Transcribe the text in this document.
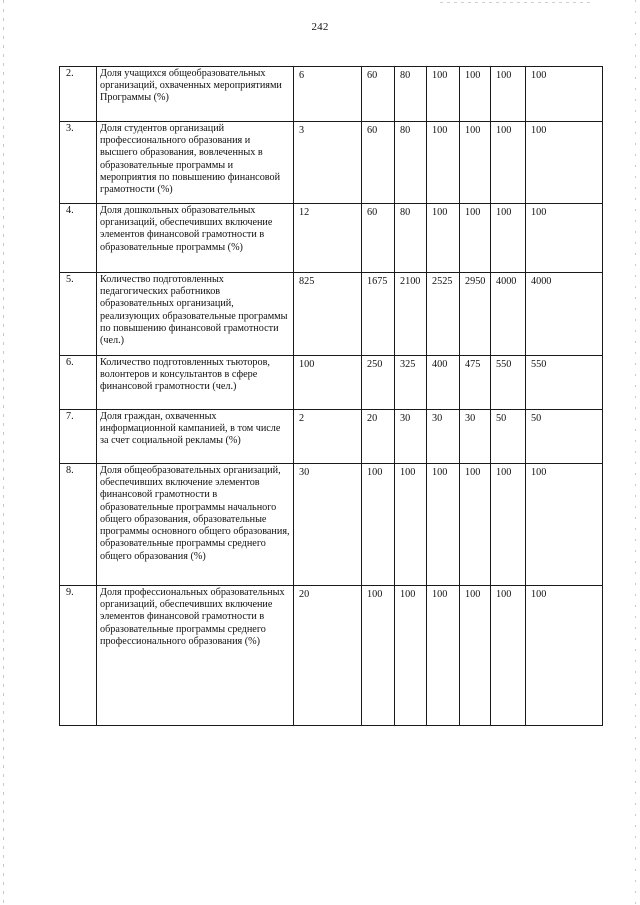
242
2.	Доля учащихся общеобразовательных организаций, охваченных мероприятиями Программы (%)	6	60	80	100	100	100	100
3.	Доля студентов организаций профессионального образования и высшего образования, вовлеченных в образовательные программы и мероприятия по повышению финансовой грамотности (%)	3	60	80	100	100	100	100
4.	Доля дошкольных образовательных организаций, обеспечивших включение элементов финансовой грамотности в образовательные программы (%)	12	60	80	100	100	100	100
5.	Количество подготовленных педагогических работников образовательных организаций, реализующих образовательные программы по повышению финансовой грамотности (чел.)	825	1675	2100	2525	2950	4000	4000
6.	Количество подготовленных тьюторов, волонтеров и консультантов в сфере финансовой грамотности (чел.)	100	250	325	400	475	550	550
7.	Доля граждан, охваченных информационной кампанией, в том числе за счет социальной рекламы (%)	2	20	30	30	30	50	50
8.	Доля общеобразовательных организаций, обеспечивших включение элементов финансовой грамотности в образовательные программы начального общего образования, образовательные программы основного общего образования, образовательные программы среднего общего образования (%)	30	100	100	100	100	100	100
9.	Доля профессиональных образовательных организаций, обеспечивших включение элементов финансовой грамотности в образовательные программы среднего профессионального образования (%)	20	100	100	100	100	100	100
